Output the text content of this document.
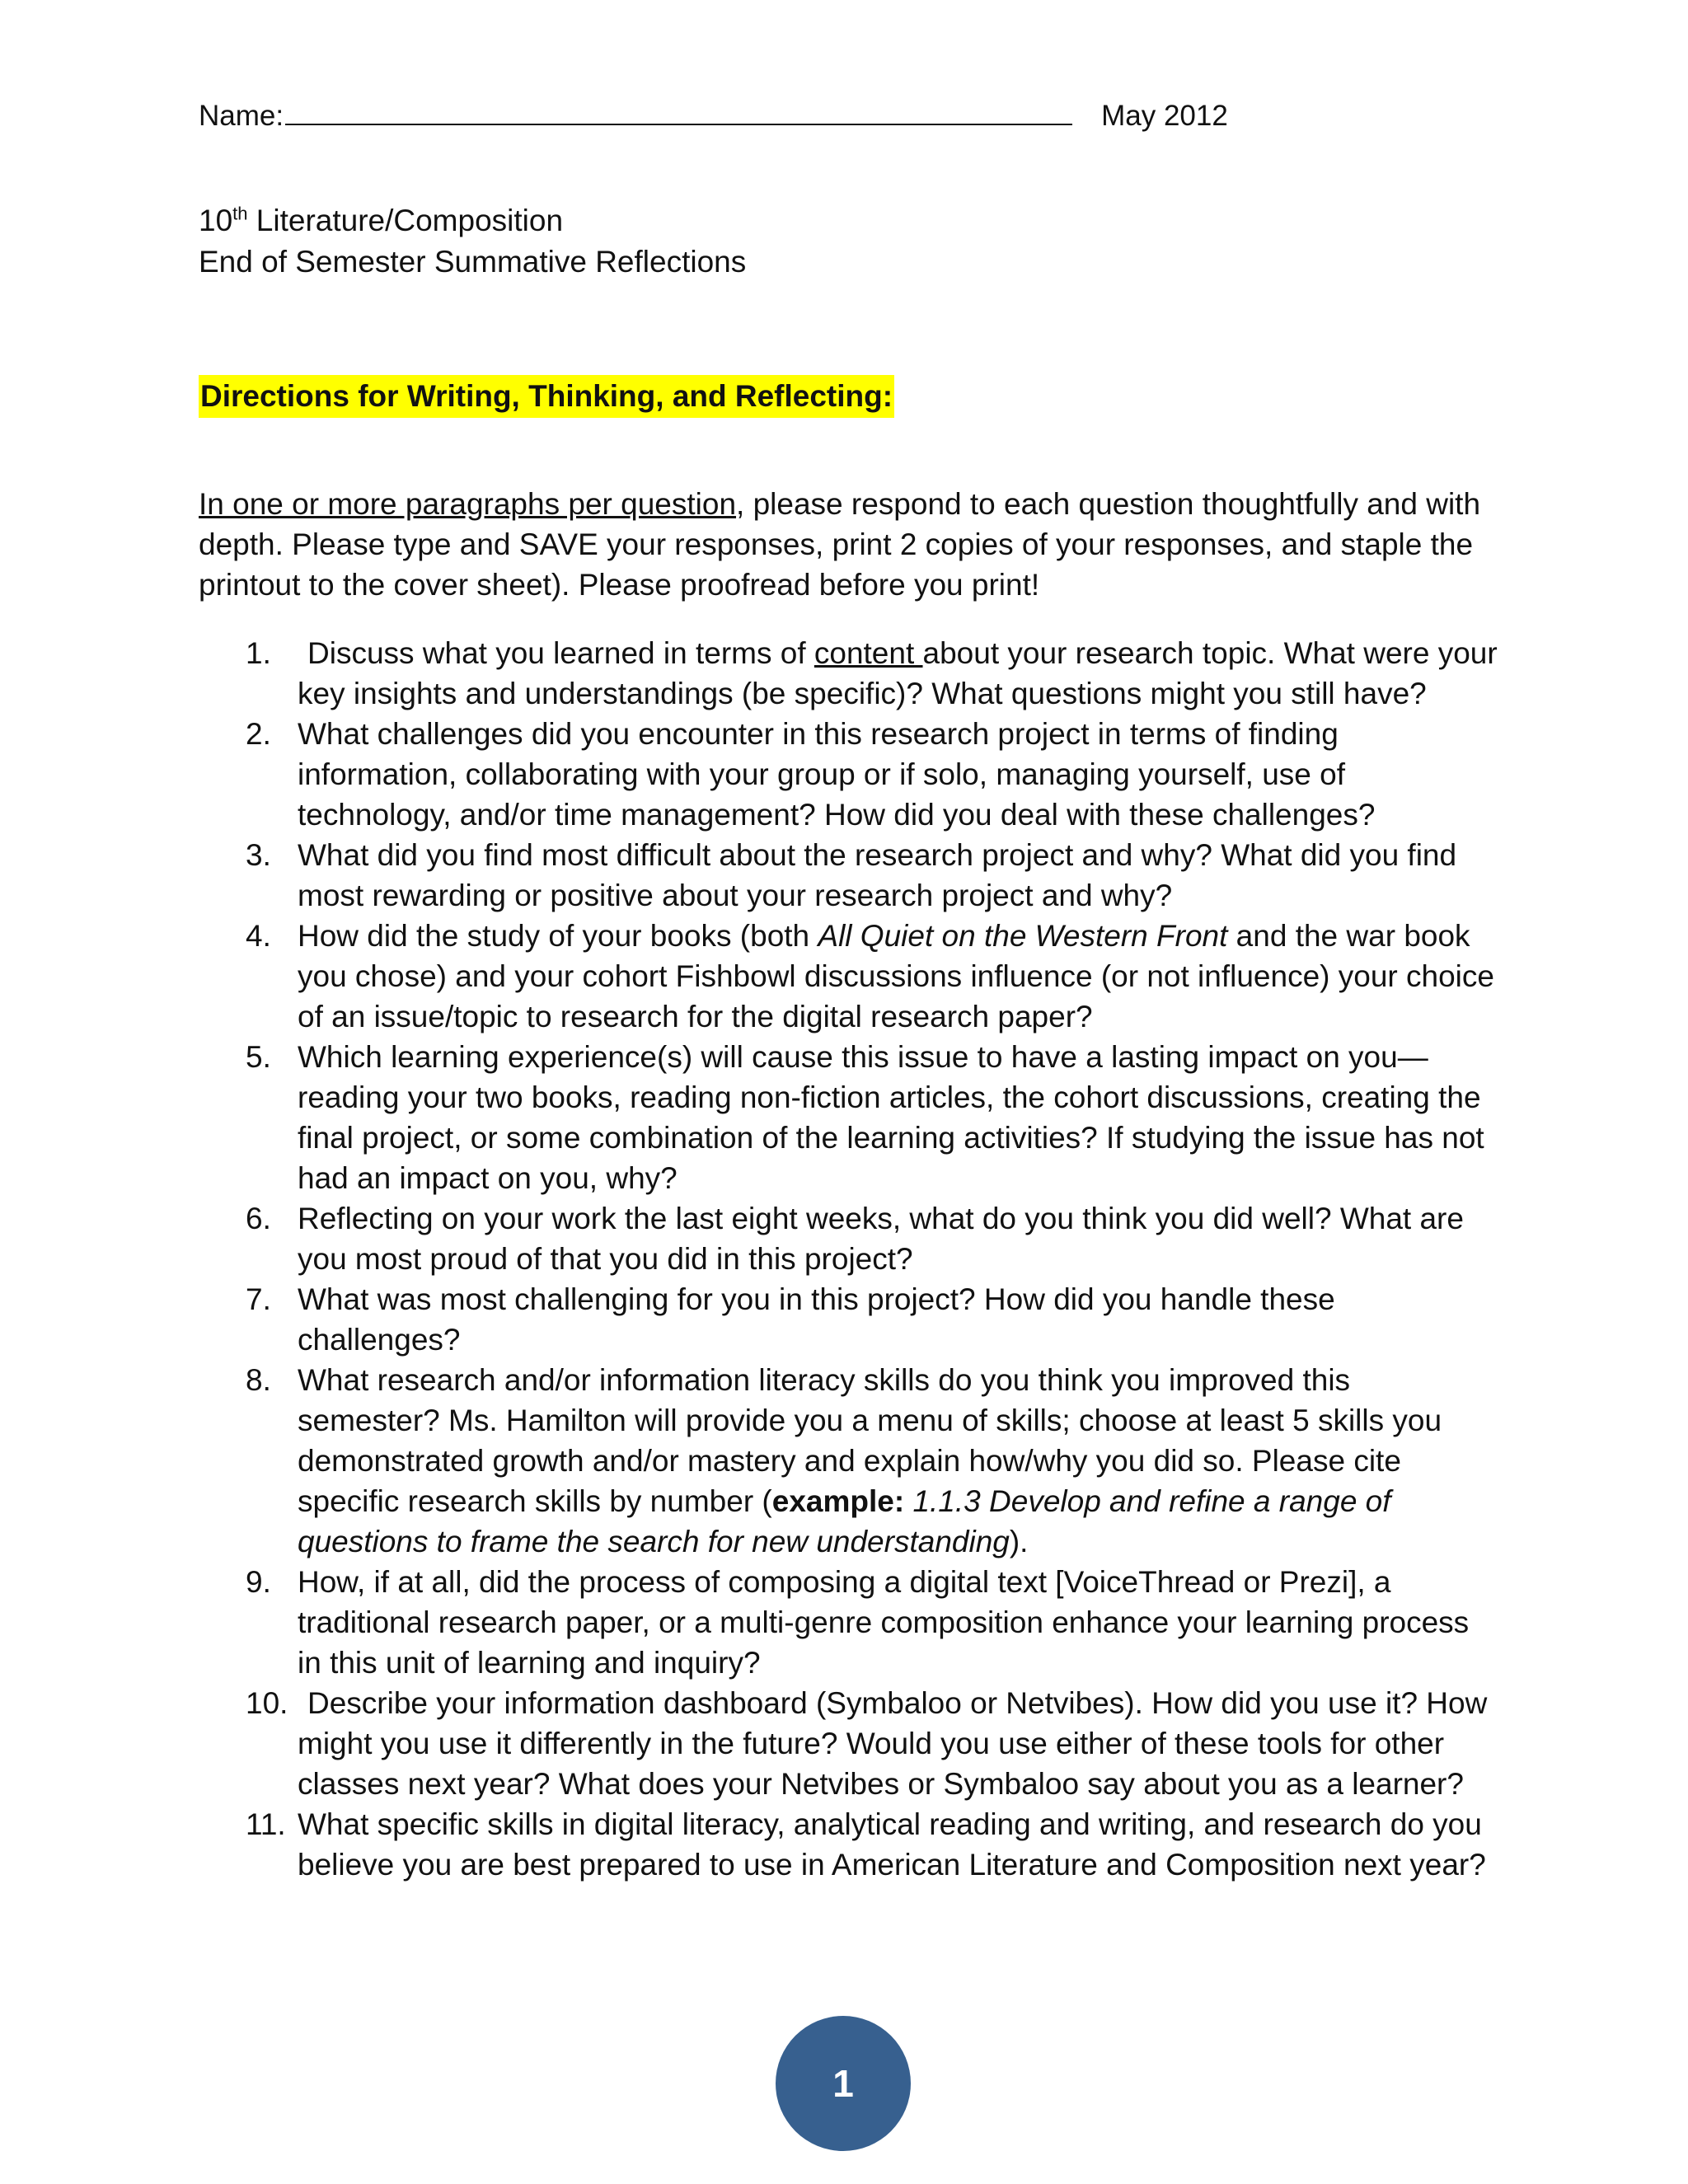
Name:	May 2012
10th Literature/Composition
End of Semester Summative Reflections
Directions for Writing, Thinking, and Reflecting:
In one or more paragraphs per question, please respond to each question thoughtfully and with depth. Please type and SAVE your responses, print 2 copies of your responses, and staple the printout to the cover sheet). Please proofread before you print!
1. Discuss what you learned in terms of content about your research topic. What were your key insights and understandings (be specific)? What questions might you still have?
2. What challenges did you encounter in this research project in terms of finding information, collaborating with your group or if solo, managing yourself, use of technology, and/or time management? How did you deal with these challenges?
3. What did you find most difficult about the research project and why? What did you find most rewarding or positive about your research project and why?
4. How did the study of your books (both All Quiet on the Western Front and the war book you chose) and your cohort Fishbowl discussions influence (or not influence) your choice of an issue/topic to research for the digital research paper?
5. Which learning experience(s) will cause this issue to have a lasting impact on you—reading your two books, reading non-fiction articles, the cohort discussions, creating the final project, or some combination of the learning activities? If studying the issue has not had an impact on you, why?
6. Reflecting on your work the last eight weeks, what do you think you did well? What are you most proud of that you did in this project?
7. What was most challenging for you in this project? How did you handle these challenges?
8. What research and/or information literacy skills do you think you improved this semester? Ms. Hamilton will provide you a menu of skills; choose at least 5 skills you demonstrated growth and/or mastery and explain how/why you did so. Please cite specific research skills by number (example: 1.1.3 Develop and refine a range of questions to frame the search for new understanding).
9. How, if at all, did the process of composing a digital text [VoiceThread or Prezi], a traditional research paper, or a multi-genre composition enhance your learning process in this unit of learning and inquiry?
10. Describe your information dashboard (Symbaloo or Netvibes). How did you use it? How might you use it differently in the future? Would you use either of these tools for other classes next year? What does your Netvibes or Symbaloo say about you as a learner?
11. What specific skills in digital literacy, analytical reading and writing, and research do you believe you are best prepared to use in American Literature and Composition next year?
1
